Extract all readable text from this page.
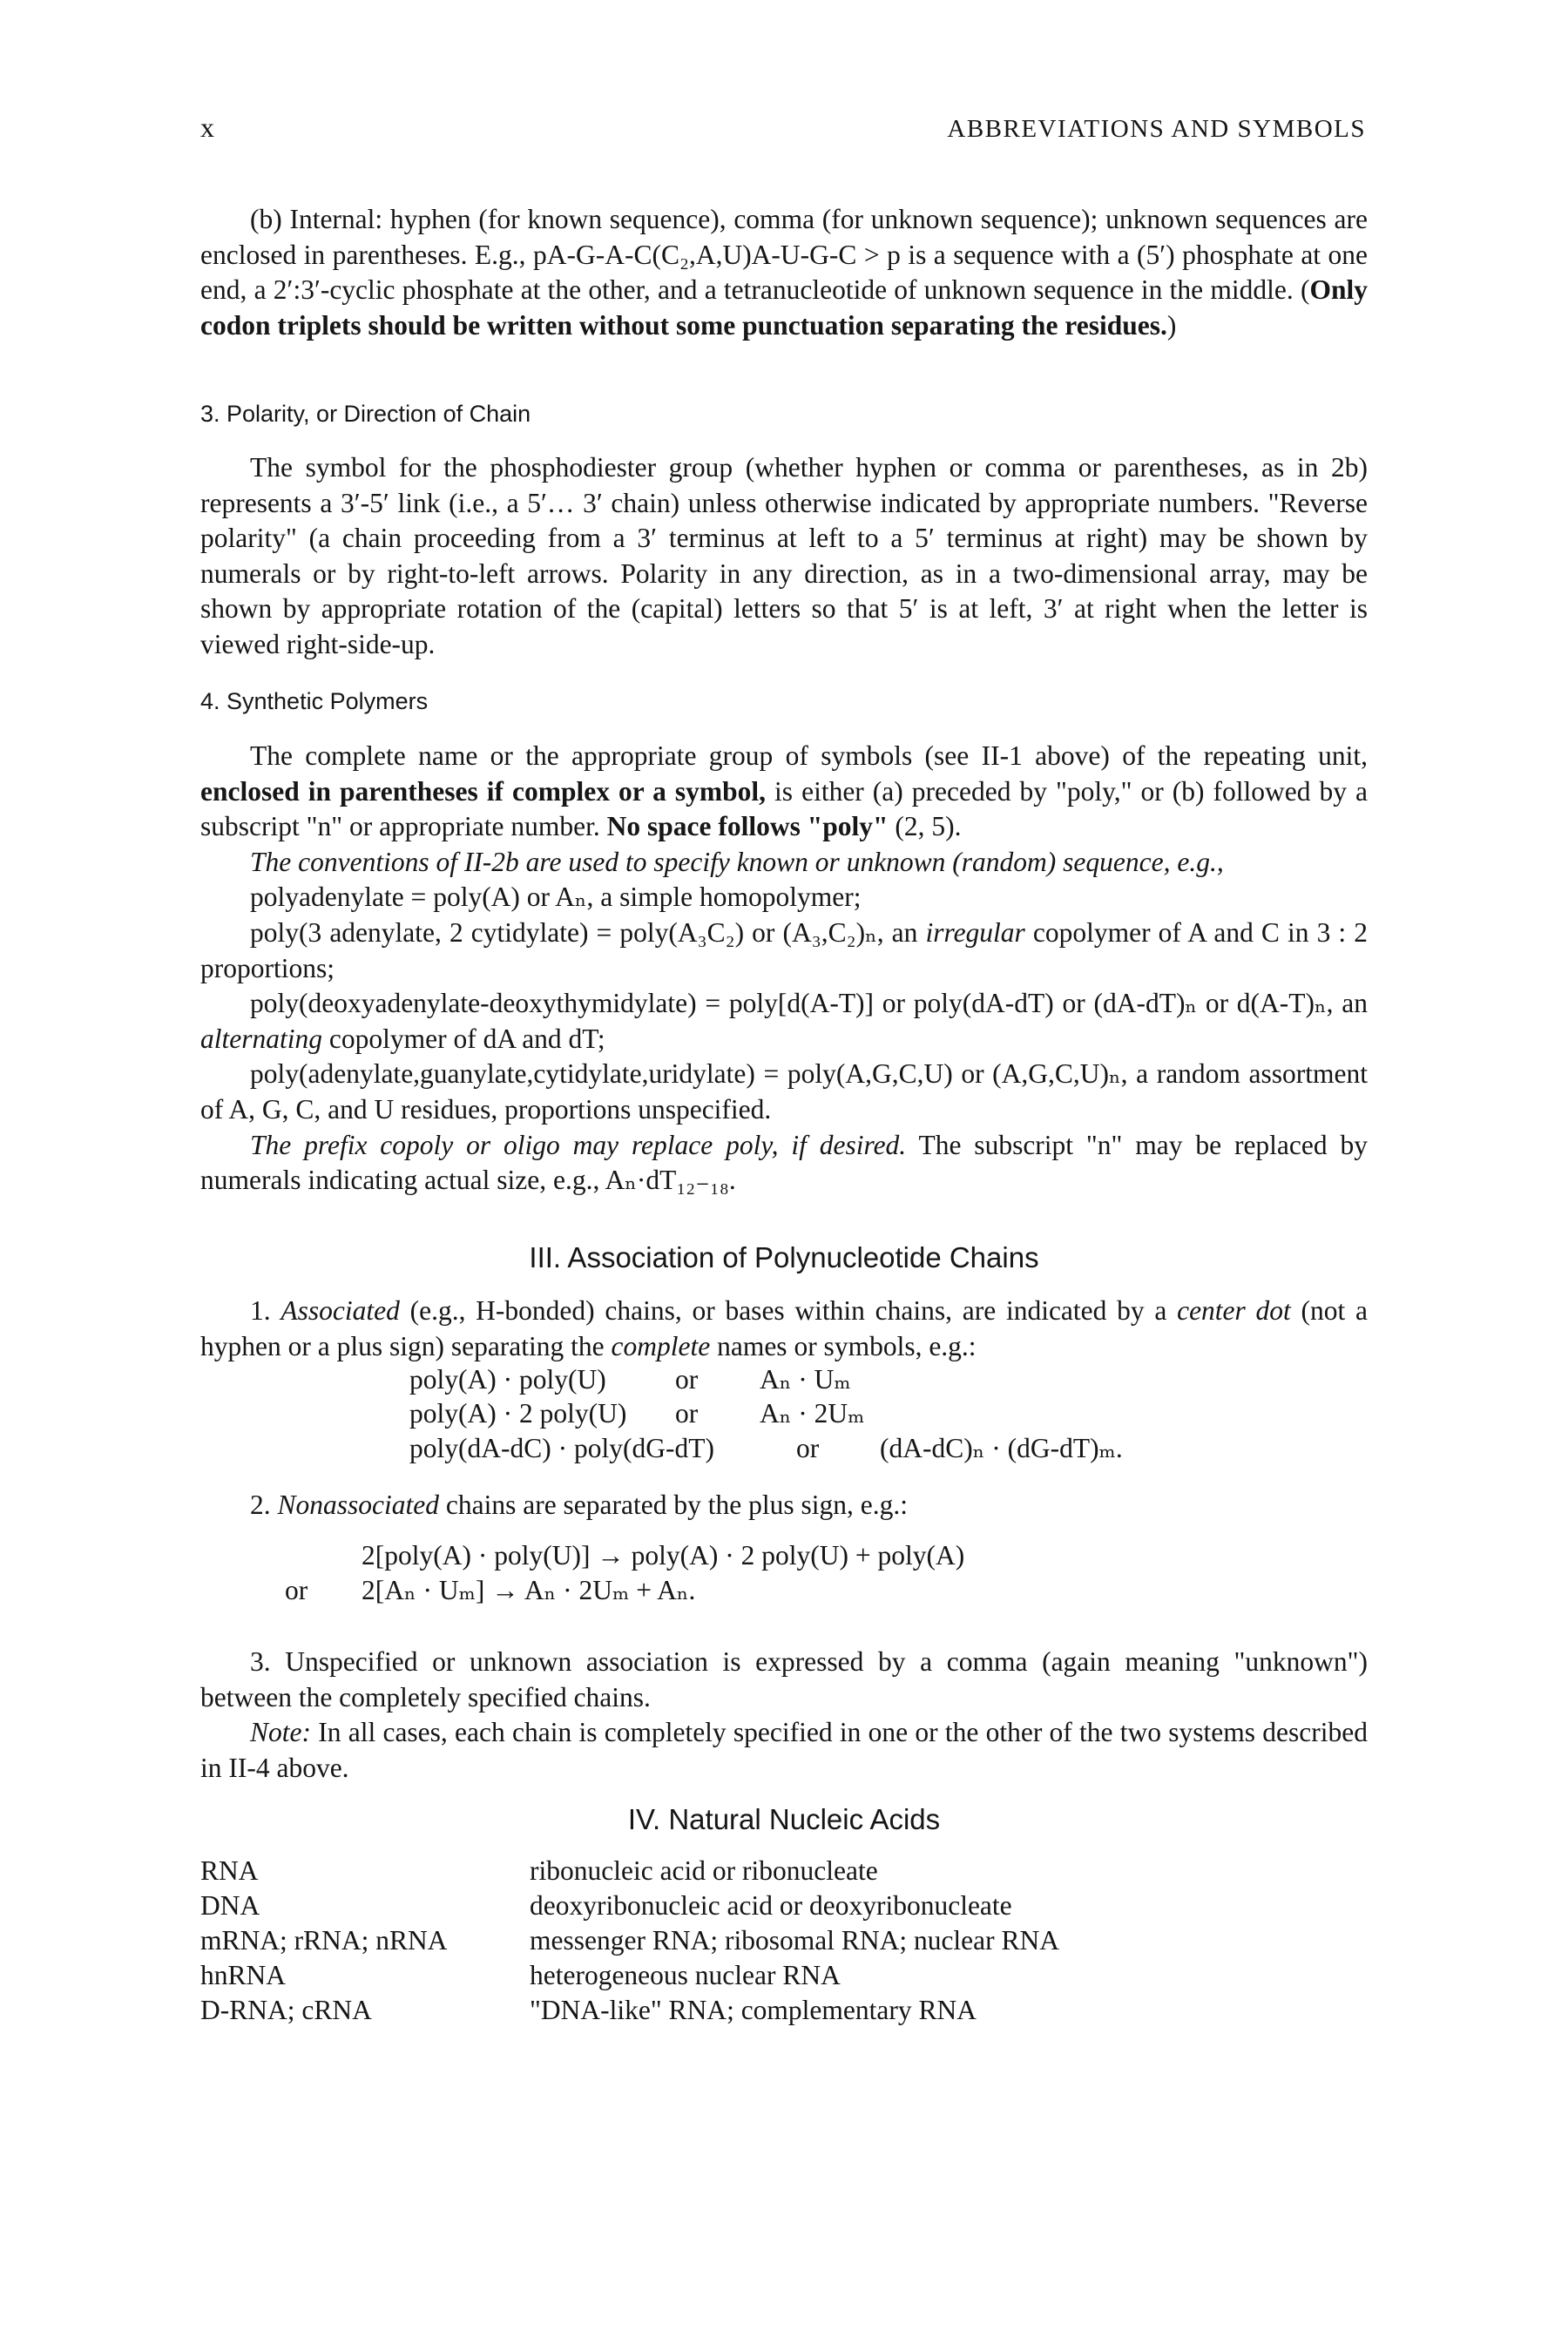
x	ABBREVIATIONS AND SYMBOLS

(b) Internal: hyphen (for known sequence), comma (for unknown sequence); unknown sequences are enclosed in parentheses. E.g., pA-G-A-C(C₂,A,U)A-U-G-C > p is a sequence with a (5′) phosphate at one end, a 2′:3′-cyclic phosphate at the other, and a tetranucleotide of unknown sequence in the middle. (Only codon triplets should be written without some punctuation separating the residues.)

3. Polarity, or Direction of Chain

The symbol for the phosphodiester group (whether hyphen or comma or parentheses, as in 2b) represents a 3′-5′ link (i.e., a 5′… 3′ chain) unless otherwise indicated by appropriate numbers. "Reverse polarity" (a chain proceeding from a 3′ terminus at left to a 5′ terminus at right) may be shown by numerals or by right-to-left arrows. Polarity in any direction, as in a two-dimensional array, may be shown by appropriate rotation of the (capital) letters so that 5′ is at left, 3′ at right when the letter is viewed right-side-up.

4. Synthetic Polymers

The complete name or the appropriate group of symbols (see II-1 above) of the repeating unit, enclosed in parentheses if complex or a symbol, is either (a) preceded by "poly," or (b) followed by a subscript "n" or appropriate number. No space follows "poly" (2, 5).

The conventions of II-2b are used to specify known or unknown (random) sequence, e.g.,

polyadenylate = poly(A) or Aₙ, a simple homopolymer;

poly(3 adenylate, 2 cytidylate) = poly(A₃C₂) or (A₃,C₂)ₙ, an irregular copolymer of A and C in 3 : 2 proportions;

poly(deoxyadenylate-deoxythymidylate) = poly[d(A-T)] or poly(dA-dT) or (dA-dT)ₙ or d(A-T)ₙ, an alternating copolymer of dA and dT;

poly(adenylate,guanylate,cytidylate,uridylate) = poly(A,G,C,U) or (A,G,C,U)ₙ, a random assortment of A, G, C, and U residues, proportions unspecified.

The prefix copoly or oligo may replace poly, if desired. The subscript "n" may be replaced by numerals indicating actual size, e.g., Aₙ·dT₁₂₋₁₈.

III. Association of Polynucleotide Chains

1. Associated (e.g., H-bonded) chains, or bases within chains, are indicated by a center dot (not a hyphen or a plus sign) separating the complete names or symbols, e.g.:

poly(A) · poly(U)	or Aₙ · Uₘ
poly(A) · 2 poly(U) or Aₙ · 2Uₘ
poly(dA-dC) · poly(dG-dT)	or (dA-dC)ₙ · (dG-dT)ₘ.

2. Nonassociated chains are separated by the plus sign, e.g.:

2[poly(A) · poly(U)] → poly(A) · 2 poly(U) + poly(A)
or 2[Aₙ · Uₘ] → Aₙ · 2Uₘ + Aₙ.

3. Unspecified or unknown association is expressed by a comma (again meaning "unknown") between the completely specified chains.

Note: In all cases, each chain is completely specified in one or the other of the two systems described in II-4 above.

IV. Natural Nucleic Acids
RNA	ribonucleic acid or ribonucleate
DNA	deoxyribonucleic acid or deoxyribonucleate
mRNA; rRNA; nRNA	messenger RNA; ribosomal RNA; nuclear RNA
hnRNA	heterogeneous nuclear RNA
D-RNA; cRNA	"DNA-like" RNA; complementary RNA
